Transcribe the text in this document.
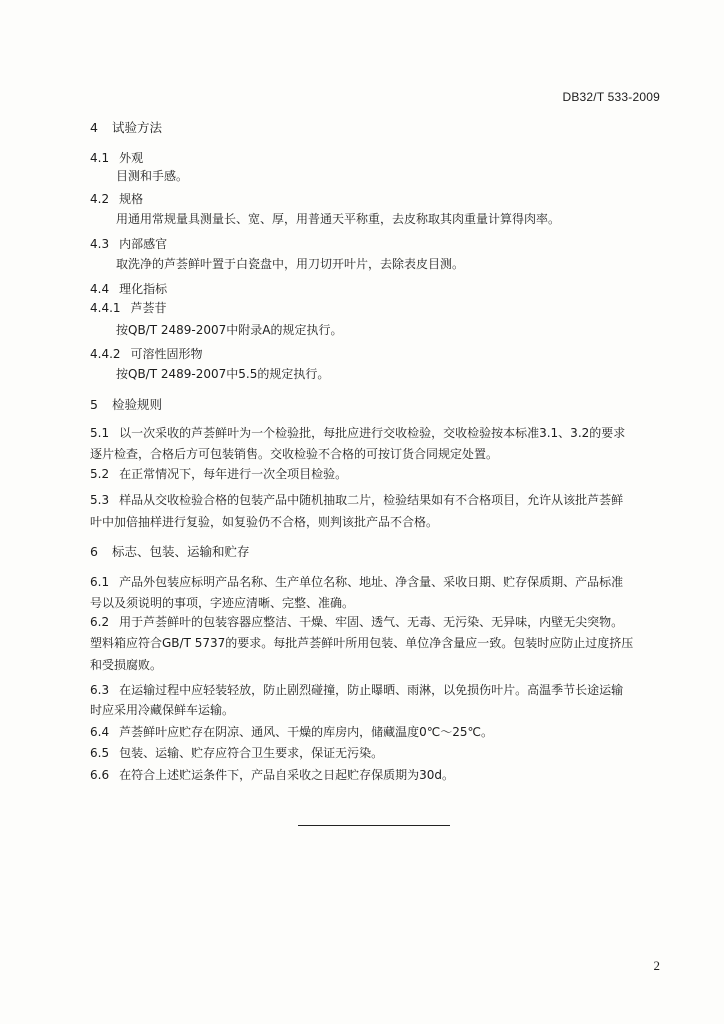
DB32/T 533-2009
4 试验方法
4.1 外观
目测和手感。
4.2 规格
用通用常规量具测量长、宽、厚，用普通天平称重，去皮称取其肉重量计算得肉率。
4.3 内部感官
取洗净的芦荟鲜叶置于白瓷盘中，用刀切开叶片，去除表皮目测。
4.4 理化指标
4.4.1 芦荟苷
按QB/T 2489-2007中附录A的规定执行。
4.4.2 可溶性固形物
按QB/T 2489-2007中5.5的规定执行。
5 检验规则
5.1 以一次采收的芦荟鲜叶为一个检验批，每批应进行交收检验，交收检验按本标准3.1、3.2的要求
逐片检查，合格后方可包装销售。交收检验不合格的可按订货合同规定处置。
5.2 在正常情况下，每年进行一次全项目检验。
5.3 样品从交收检验合格的包装产品中随机抽取二片，检验结果如有不合格项目，允许从该批芦荟鲜
叶中加倍抽样进行复验，如复验仍不合格，则判该批产品不合格。
6 标志、包装、运输和贮存
6.1 产品外包装应标明产品名称、生产单位名称、地址、净含量、采收日期、贮存保质期、产品标准
号以及须说明的事项，字迹应清晰、完整、准确。
6.2 用于芦荟鲜叶的包装容器应整洁、干燥、牢固、透气、无毒、无污染、无异味，内壁无尖突物。
塑料箱应符合GB/T 5737的要求。每批芦荟鲜叶所用包装、单位净含量应一致。包装时应防止过度挤压
和受损腐败。
6.3 在运输过程中应轻装轻放，防止剧烈碰撞，防止曝晒、雨淋，以免损伤叶片。高温季节长途运输
时应采用冷藏保鲜车运输。
6.4 芦荟鲜叶应贮存在阴凉、通风、干燥的库房内，储藏温度0℃～25℃。
6.5 包装、运输、贮存应符合卫生要求，保证无污染。
6.6 在符合上述贮运条件下，产品自采收之日起贮存保质期为30d。
2
